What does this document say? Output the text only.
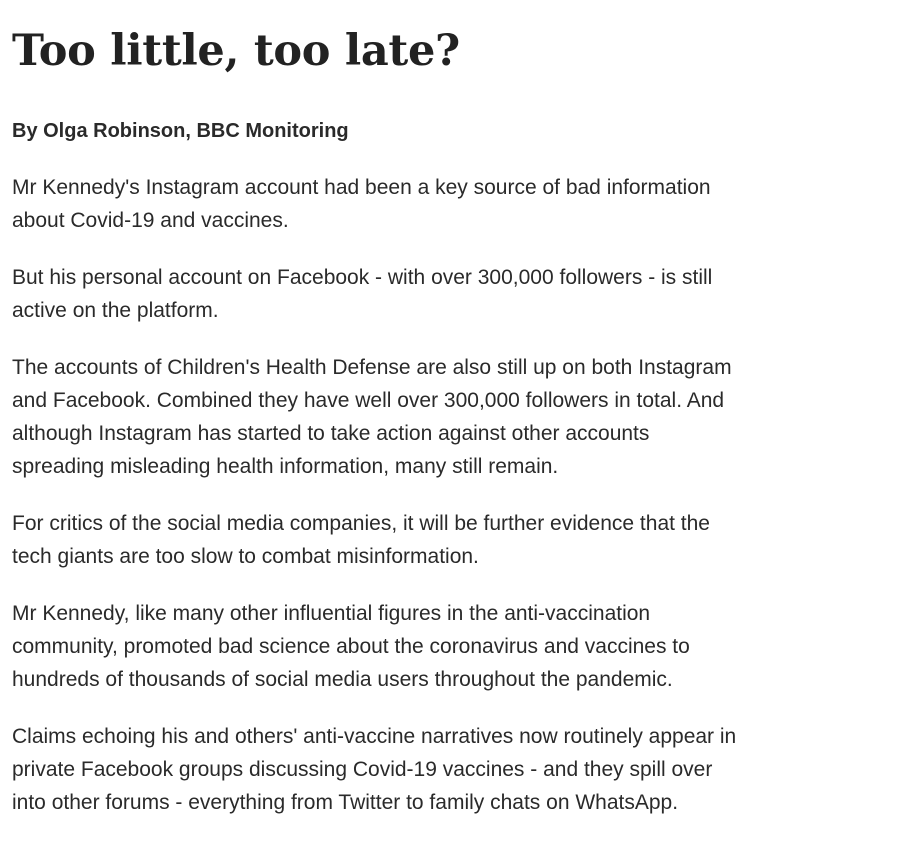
Too little, too late?

By Olga Robinson, BBC Monitoring

Mr Kennedy's Instagram account had been a key source of bad information
about Covid-19 and vaccines.

But his personal account on Facebook - with over 300,000 followers - is still
active on the platform.

The accounts of Children's Health Defense are also still up on both Instagram
and Facebook. Combined they have well over 300,000 followers in total. And
although Instagram has started to take action against other accounts
spreading misleading health information, many still remain.

For critics of the social media companies, it will be further evidence that the
tech giants are too slow to combat misinformation.

Mr Kennedy, like many other influential figures in the anti-vaccination
community, promoted bad science about the coronavirus and vaccines to
hundreds of thousands of social media users throughout the pandemic.

Claims echoing his and others' anti-vaccine narratives now routinely appear in
private Facebook groups discussing Covid-19 vaccines - and they spill over
into other forums - everything from Twitter to family chats on WhatsApp.
